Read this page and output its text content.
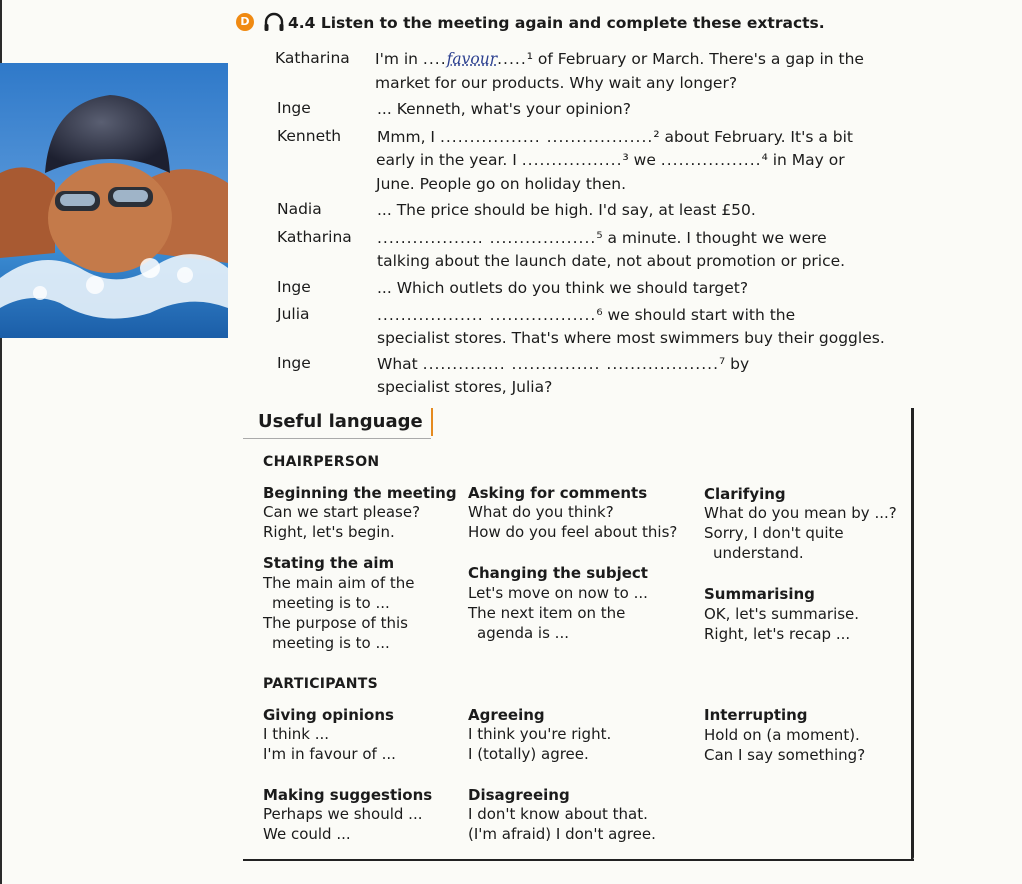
D 4.4 Listen to the meeting again and complete these extracts.
Katharina I'm in ....favour.....¹ of February or March. There's a gap in the
market for our products. Why wait any longer?
Inge	... Kenneth, what's your opinion?
Kenneth Mmm, I ................. ..................² about February. It's a bit
early in the year. I .................³ we .................⁴ in May or
June. People go on holiday then.
Nadia	... The price should be high. I'd say, at least £50.
Katharina .................. ..................⁵ a minute. I thought we were
talking about the launch date, not about promotion or price.
Inge	... Which outlets do you think we should target?
Julia	.................. ..................⁶ we should start with the
specialist stores. That's where most swimmers buy their goggles.
Inge	What .............. ............... ...................⁷ by
specialist stores, Julia?
Useful language
CHAIRPERSON
Beginning the meeting
Can we start please?
Right, let's begin.
Stating the aim
The main aim of the
meeting is to ...
The purpose of this
meeting is to ...
Asking for comments
What do you think?
How do you feel about this?
Changing the subject
Let's move on now to ...
The next item on the
agenda is ...
Clarifying
What do you mean by ...?
Sorry, I don't quite
understand.
Summarising
OK, let's summarise.
Right, let's recap ...
PARTICIPANTS
Giving opinions
I think ...
I'm in favour of ...
Agreeing
I think you're right.
I (totally) agree.
Interrupting
Hold on (a moment).
Can I say something?
Making suggestions
Perhaps we should ...
We could ...
Disagreeing
I don't know about that.
(I'm afraid) I don't agree.
